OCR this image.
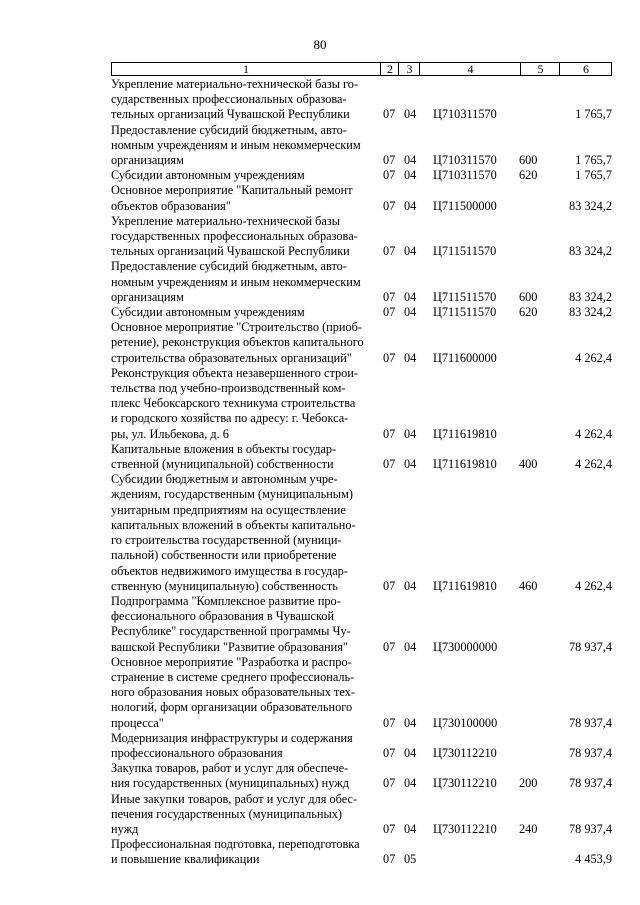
80
1	2	3	4	5	6
Укрепление материально-технической базы го-
сударственных профессиональных образова-
тельных организаций Чувашской Республики	07 04 Ц710311570	1 765,7
Предоставление субсидий бюджетным, авто-
номным учреждениям и иным некоммерческим
организациям	07 04 Ц710311570 600	1 765,7
Субсидии автономным учреждениям	07 04 Ц710311570 620	1 765,7
Основное мероприятие "Капитальный ремонт
объектов образования"	07 04 Ц711500000	83 324,2
Укрепление материально-технической базы
государственных профессиональных образова-
тельных организаций Чувашской Республики	07 04 Ц711511570	83 324,2
Предоставление субсидий бюджетным, авто-
номным учреждениям и иным некоммерческим
организациям	07 04 Ц711511570 600	83 324,2
Субсидии автономным учреждениям	07 04 Ц711511570 620	83 324,2
Основное мероприятие "Строительство (приоб-
ретение), реконструкция объектов капитального
строительства образовательных организаций"	07 04 Ц711600000	4 262,4
Реконструкция объекта незавершенного строи-
тельства под учебно-производственный ком-
плекс Чебоксарского техникума строительства
и городского хозяйства по адресу: г. Чебокса-
ры, ул. Ильбекова, д. 6	07 04 Ц711619810	4 262,4
Капитальные вложения в объекты государ-
ственной (муниципальной) собственности	07 04 Ц711619810 400	4 262,4
Субсидии бюджетным и автономным учре-
ждениям, государственным (муниципальным)
унитарным предприятиям на осуществление
капитальных вложений в объекты капитально-
го строительства государственной (муници-
пальной) собственности или приобретение
объектов недвижимого имущества в государ-
ственную (муниципальную) собственность	07 04 Ц711619810 460	4 262,4
Подпрограмма "Комплексное развитие про-
фессионального образования в Чувашской
Республике" государственной программы Чу-
вашской Республики "Развитие образования"	07 04 Ц730000000	78 937,4
Основное мероприятие "Разработка и распро-
странение в системе среднего профессиональ-
ного образования новых образовательных тех-
нологий, форм организации образовательного
процесса"	07 04 Ц730100000	78 937,4
Модернизация инфраструктуры и содержания
профессионального образования	07 04 Ц730112210	78 937,4
Закупка товаров, работ и услуг для обеспече-
ния государственных (муниципальных) нужд	07 04 Ц730112210 200	78 937,4
Иные закупки товаров, работ и услуг для обес-
печения государственных (муниципальных)
нужд	07 04 Ц730112210 240	78 937,4
Профессиональная подготовка, переподготовка
и повышение квалификации	07 05	4 453,9
